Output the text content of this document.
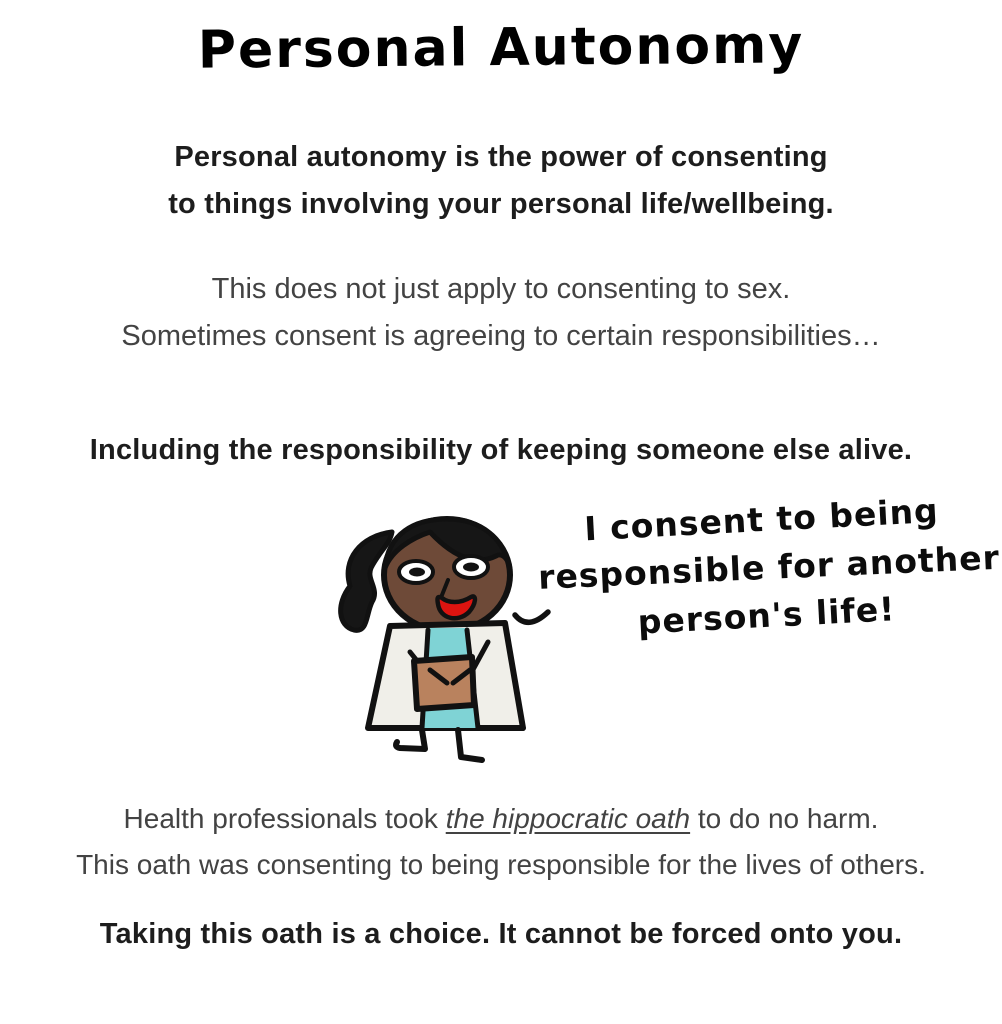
Personal Autonomy
Personal autonomy is the power of consenting
to things involving your personal life/wellbeing.
This does not just apply to consenting to sex.
Sometimes consent is agreeing to certain responsibilities…
Including the responsibility of keeping someone else alive.
I consent to being
responsible for another
person's life!
Health professionals took the hippocratic oath to do no harm.
This oath was consenting to being responsible for the lives of others.
Taking this oath is a choice. It cannot be forced onto you.
